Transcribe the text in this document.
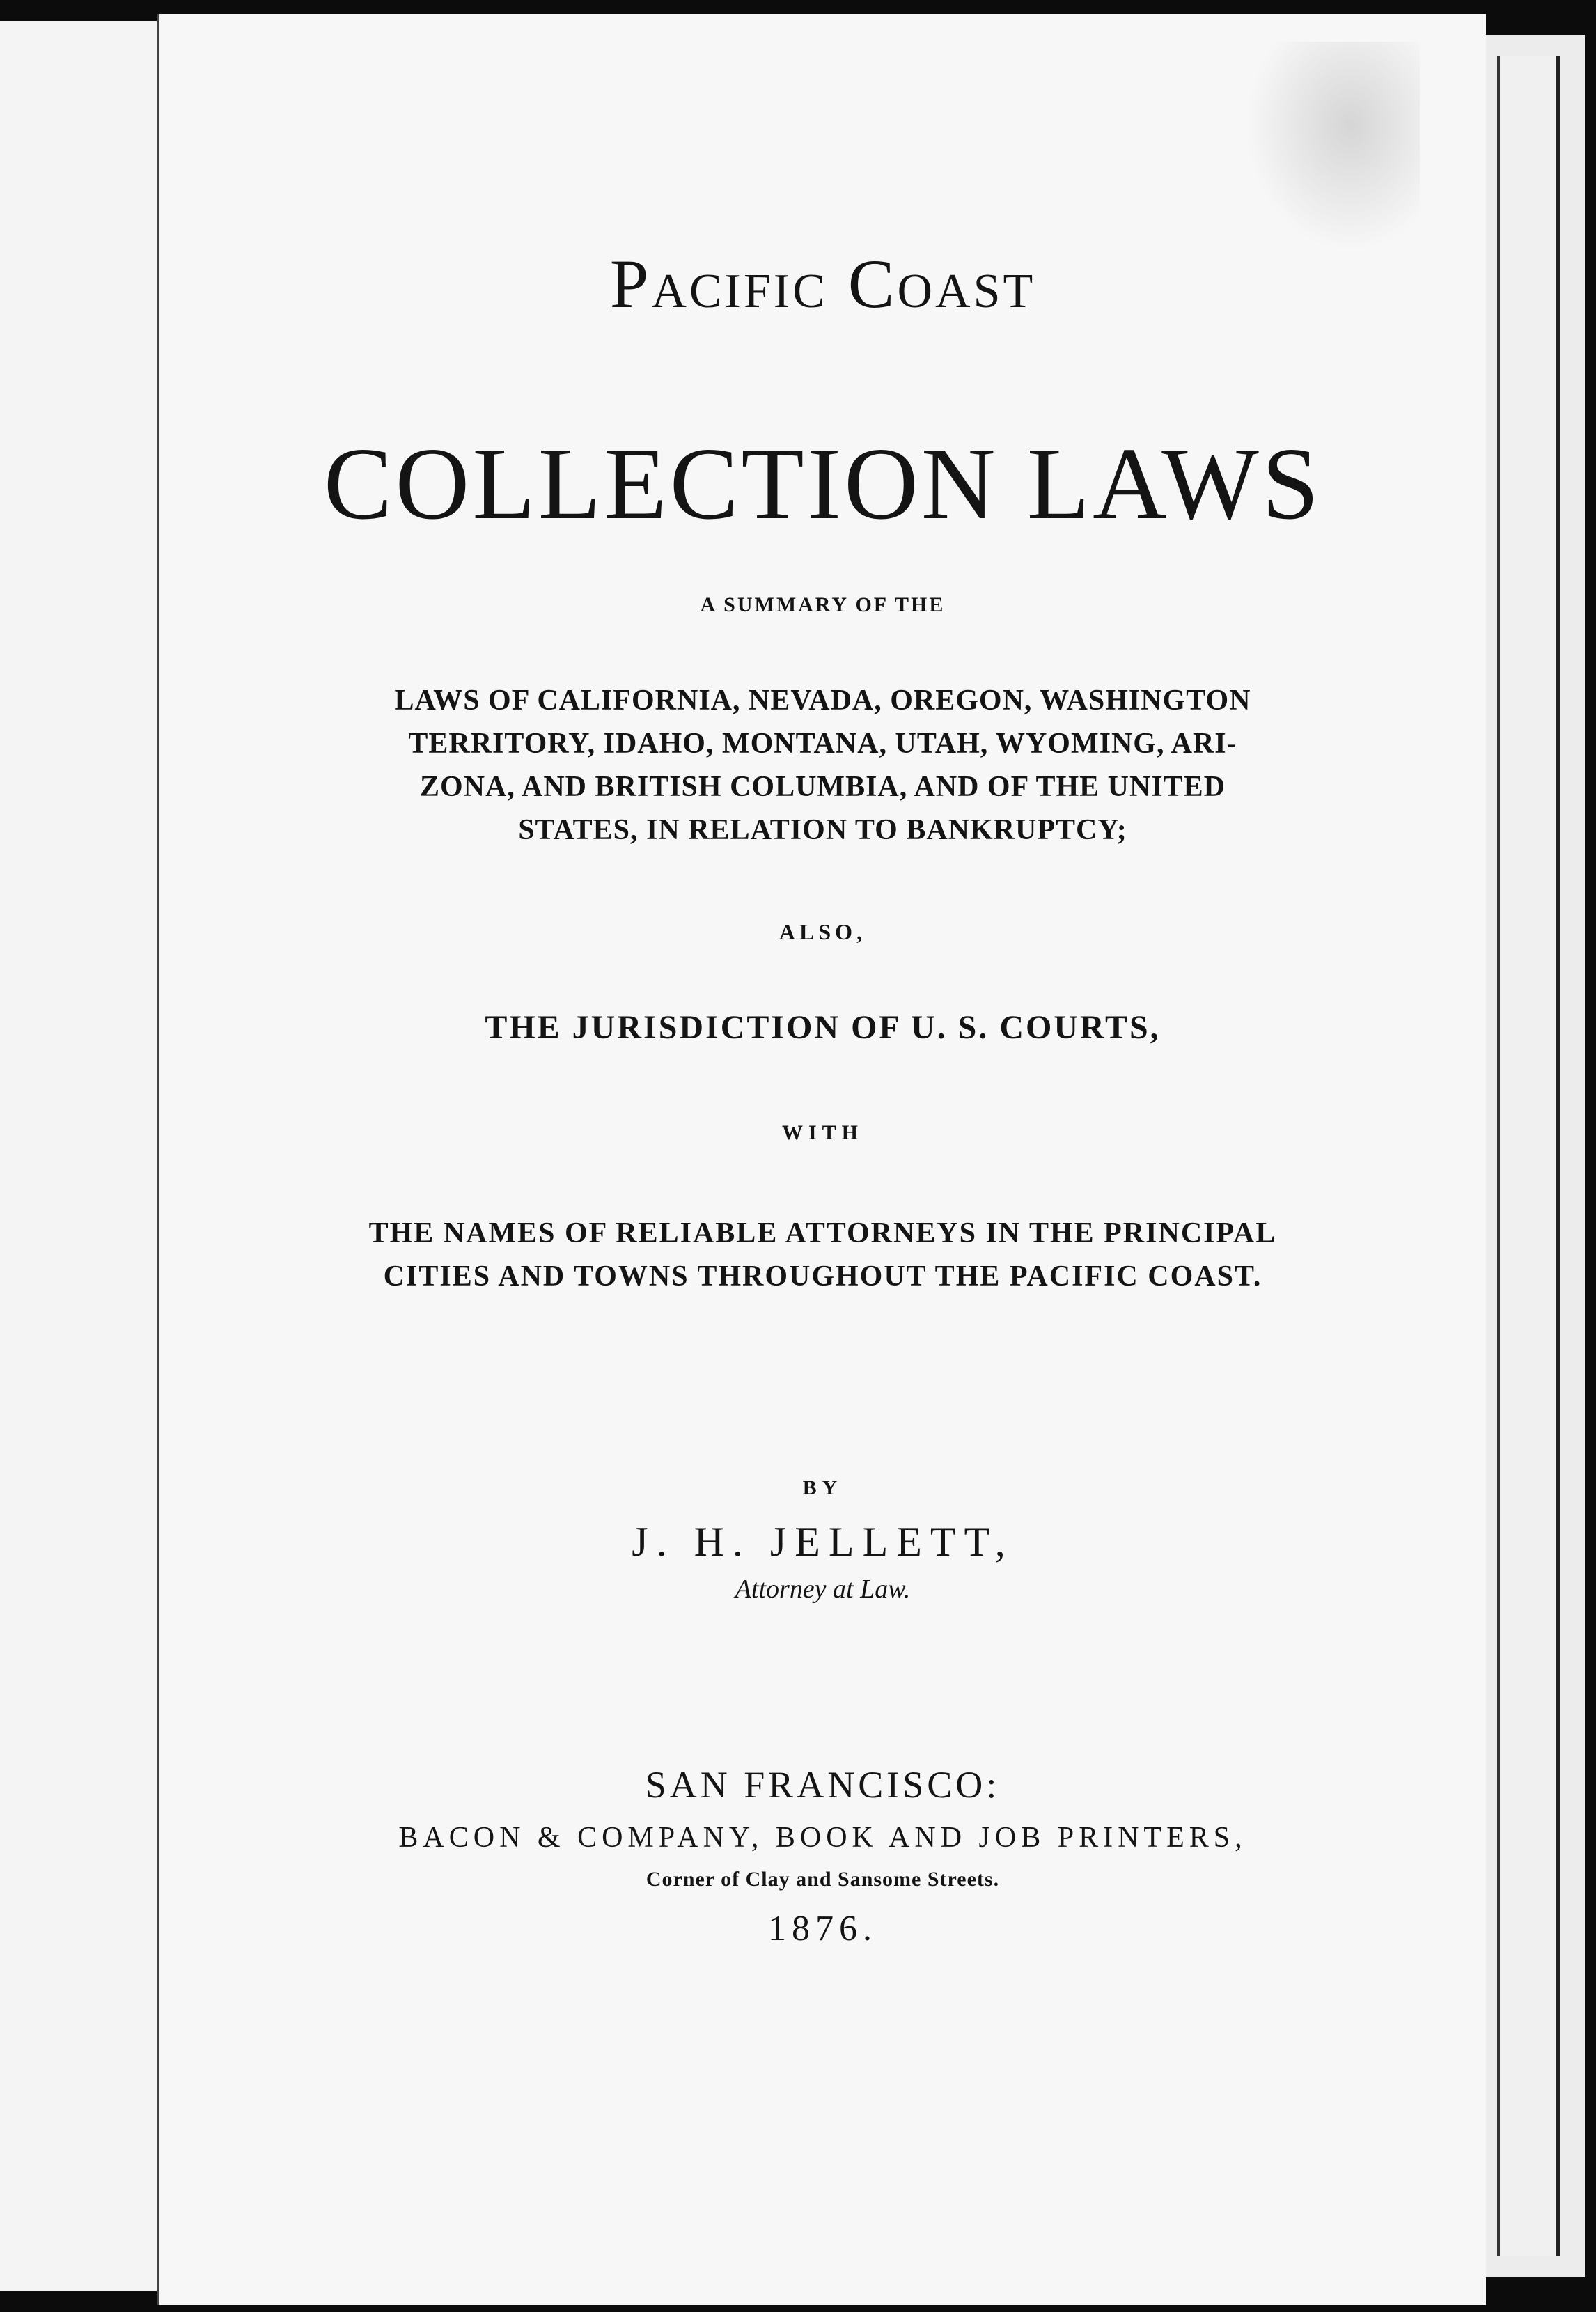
Pacific Coast

COLLECTION LAWS

A SUMMARY OF THE

LAWS OF CALIFORNIA, NEVADA, OREGON, WASHINGTON
TERRITORY, IDAHO, MONTANA, UTAH, WYOMING, ARI-
ZONA, AND BRITISH COLUMBIA, AND OF THE UNITED
STATES, IN RELATION TO BANKRUPTCY;

ALSO,

THE JURISDICTION OF U. S. COURTS,

WITH

THE NAMES OF RELIABLE ATTORNEYS IN THE PRINCIPAL
CITIES AND TOWNS THROUGHOUT THE PACIFIC COAST.

BY

J. H. JELLETT,

Attorney at Law.

SAN FRANCISCO:

BACON & COMPANY, BOOK AND JOB PRINTERS,

Corner of Clay and Sansome Streets.

1876.
